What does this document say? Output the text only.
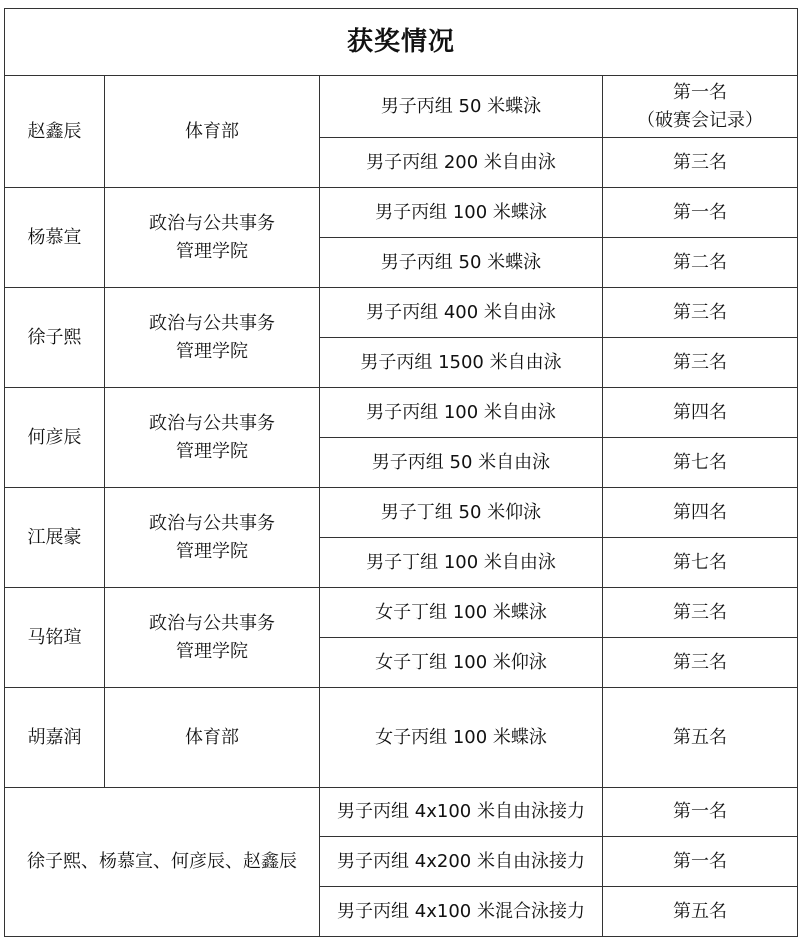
获奖情况			
赵鑫辰	体育部	男子丙组 50 米蝶泳	第一名
（破赛会记录）

		男子丙组 200 米自由泳	第三名
杨慕宣	政治与公共事务
管理学院	男子丙组 100 米蝶泳	第一名
		男子丙组 50 米蝶泳	第二名
徐子熙	政治与公共事务
管理学院	男子丙组 400 米自由泳	第三名
		男子丙组 1500 米自由泳	第三名
何彦辰	政治与公共事务
管理学院	男子丙组 100 米自由泳	第四名
		男子丙组 50 米自由泳	第七名
江展豪	政治与公共事务
管理学院	男子丁组 50 米仰泳	第四名
		男子丁组 100 米自由泳	第七名
马铭瑄	政治与公共事务
管理学院	女子丁组 100 米蝶泳	第三名
		女子丁组 100 米仰泳	第三名
胡嘉润	体育部	女子丙组 100 米蝶泳	第五名
徐子熙、杨慕宣、何彦辰、赵鑫辰		男子丙组 4x100 米自由泳接力	第一名
		男子丙组 4x200 米自由泳接力	第一名
		男子丙组 4x100 米混合泳接力	第五名
